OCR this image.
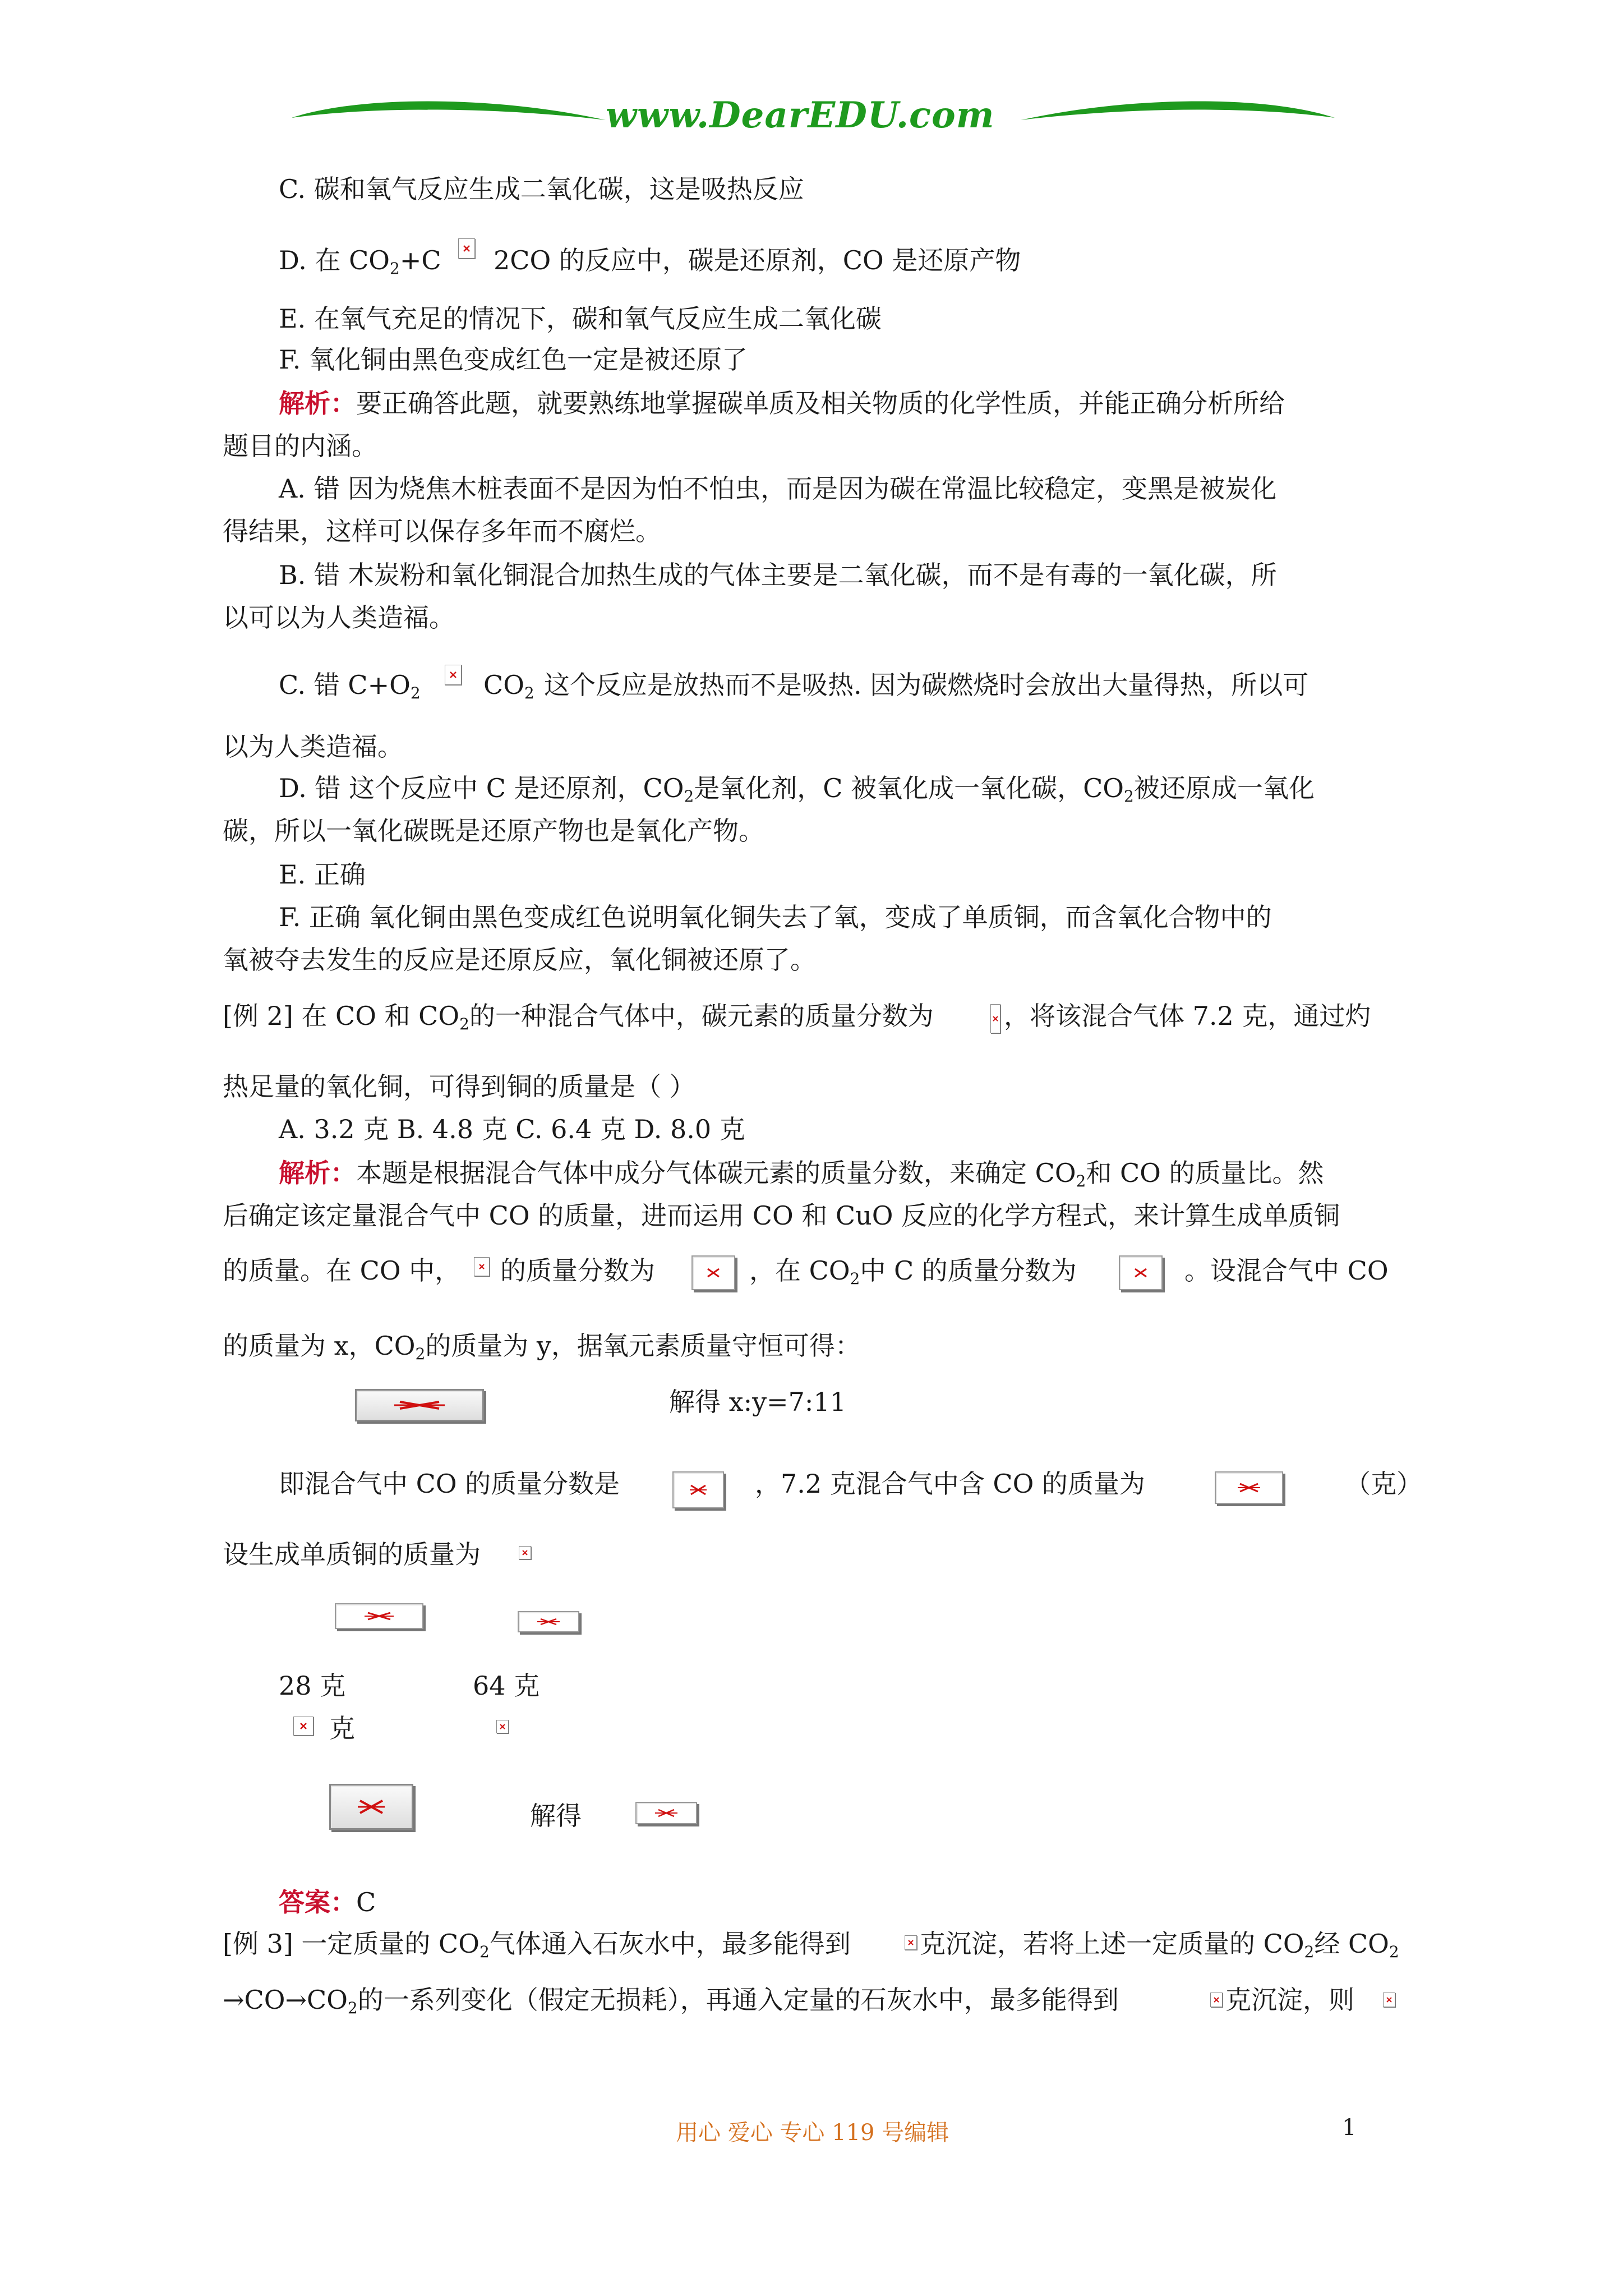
www.DearEDU.com
C. 碳和氧气反应生成二氧化碳，这是吸热反应
D. 在 $CO_2+C$ 2CO 的反应中，碳是还原剂，CO 是还原产物
E. 在氧气充足的情况下，碳和氧气反应生成二氧化碳
F. 氧化铜由黑色变成红色一定是被还原了
解析：要正确答此题，就要熟练地掌握碳单质及相关物质的化学性质，并能正确分析所给
题目的内涵。
A. 错 因为烧焦木桩表面不是因为怕不怕虫，而是因为碳在常温比较稳定，变黑是被炭化
得结果，这样可以保存多年而不腐烂。
B. 错 木炭粉和氧化铜混合加热生成的气体主要是二氧化碳，而不是有毒的一氧化碳，所
以可以为人类造福。
C. 错 $C+O_2$ $CO_2$ 这个反应是放热而不是吸热. 因为碳燃烧时会放出大量得热，所以可
以为人类造福。
D. 错 这个反应中 C 是还原剂，$CO_2$是氧化剂，C 被氧化成一氧化碳，$CO_2$被还原成一氧化
碳，所以一氧化碳既是还原产物也是氧化产物。
E. 正确
F. 正确 氧化铜由黑色变成红色说明氧化铜失去了氧，变成了单质铜，而含氧化合物中的
氧被夺去发生的反应是还原反应，氧化铜被还原了。
[例 2] 在 CO 和 $CO_2$的一种混合气体中，碳元素的质量分数为	，将该混合气体 7.2 克，通过灼
热足量的氧化铜，可得到铜的质量是（ ）
A. 3.2 克 B. 4.8 克 C. 6.4 克 D. 8.0 克
解析：本题是根据混合气体中成分气体碳元素的质量分数，来确定 $CO_2$和 CO 的质量比。然
后确定该定量混合气中 CO 的质量，进而运用 CO 和 CuO 反应的化学方程式，来计算生成单质铜
的质量。在 CO 中， 的质量分数为	，在 $CO_2$中 C 的质量分数为	。设混合气中 CO
的质量为 x，$CO_2$的质量为 y，据氧元素质量守恒可得：
解得 x:y=7:11
即混合气中 CO 的质量分数是	，7.2 克混合气中含 CO 的质量为	（克）
设生成单质铜的质量为
28 克	64 克
克
解得
答案：C
[例 3] 一定质量的 $CO_2$气体通入石灰水中，最多能得到	克沉淀，若将上述一定质量的 $CO_2$经 $CO_2$
$\to CO\to CO_2$的一系列变化（假定无损耗），再通入定量的石灰水中，最多能得到	克沉淀，则
用心 爱心 专心 119 号编辑	1
